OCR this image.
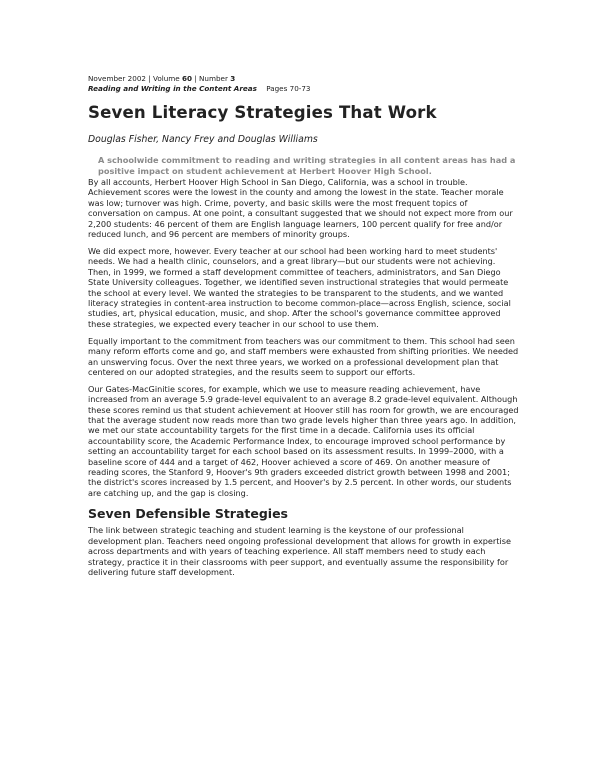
November 2002 | Volume 60 | Number 3
Reading and Writing in the Content Areas Pages 70-73
Seven Literacy Strategies That Work
Douglas Fisher, Nancy Frey and Douglas Williams
A schoolwide commitment to reading and writing strategies in all content areas has had a positive impact on student achievement at Herbert Hoover High School.

By all accounts, Herbert Hoover High School in San Diego, California, was a school in trouble. Achievement scores were the lowest in the county and among the lowest in the state. Teacher morale was low; turnover was high. Crime, poverty, and basic skills were the most frequent topics of conversation on campus. At one point, a consultant suggested that we should not expect more from our 2,200 students: 46 percent of them are English language learners, 100 percent qualify for free and/or reduced lunch, and 96 percent are members of minority groups.

We did expect more, however. Every teacher at our school had been working hard to meet students' needs. We had a health clinic, counselors, and a great library—but our students were not achieving. Then, in 1999, we formed a staff development committee of teachers, administrators, and San Diego State University colleagues. Together, we identified seven instructional strategies that would permeate the school at every level. We wanted the strategies to be transparent to the students, and we wanted literacy strategies in content-area instruction to become common-place—across English, science, social studies, art, physical education, music, and shop. After the school's governance committee approved these strategies, we expected every teacher in our school to use them.

Equally important to the commitment from teachers was our commitment to them. This school had seen many reform efforts come and go, and staff members were exhausted from shifting priorities. We needed an unswerving focus. Over the next three years, we worked on a professional development plan that centered on our adopted strategies, and the results seem to support our efforts.

Our Gates-MacGinitie scores, for example, which we use to measure reading achievement, have increased from an average 5.9 grade-level equivalent to an average 8.2 grade-level equivalent. Although these scores remind us that student achievement at Hoover still has room for growth, we are encouraged that the average student now reads more than two grade levels higher than three years ago. In addition, we met our state accountability targets for the first time in a decade. California uses its official accountability score, the Academic Performance Index, to encourage improved school performance by setting an accountability target for each school based on its assessment results. In 1999–2000, with a baseline score of 444 and a target of 462, Hoover achieved a score of 469. On another measure of reading scores, the Stanford 9, Hoover's 9th graders exceeded district growth between 1998 and 2001; the district's scores increased by 1.5 percent, and Hoover's by 2.5 percent. In other words, our students are catching up, and the gap is closing.

Seven Defensible Strategies

The link between strategic teaching and student learning is the keystone of our professional development plan. Teachers need ongoing professional development that allows for growth in expertise across departments and with years of teaching experience. All staff members need to study each strategy, practice it in their classrooms with peer support, and eventually assume the responsibility for delivering future staff development.
